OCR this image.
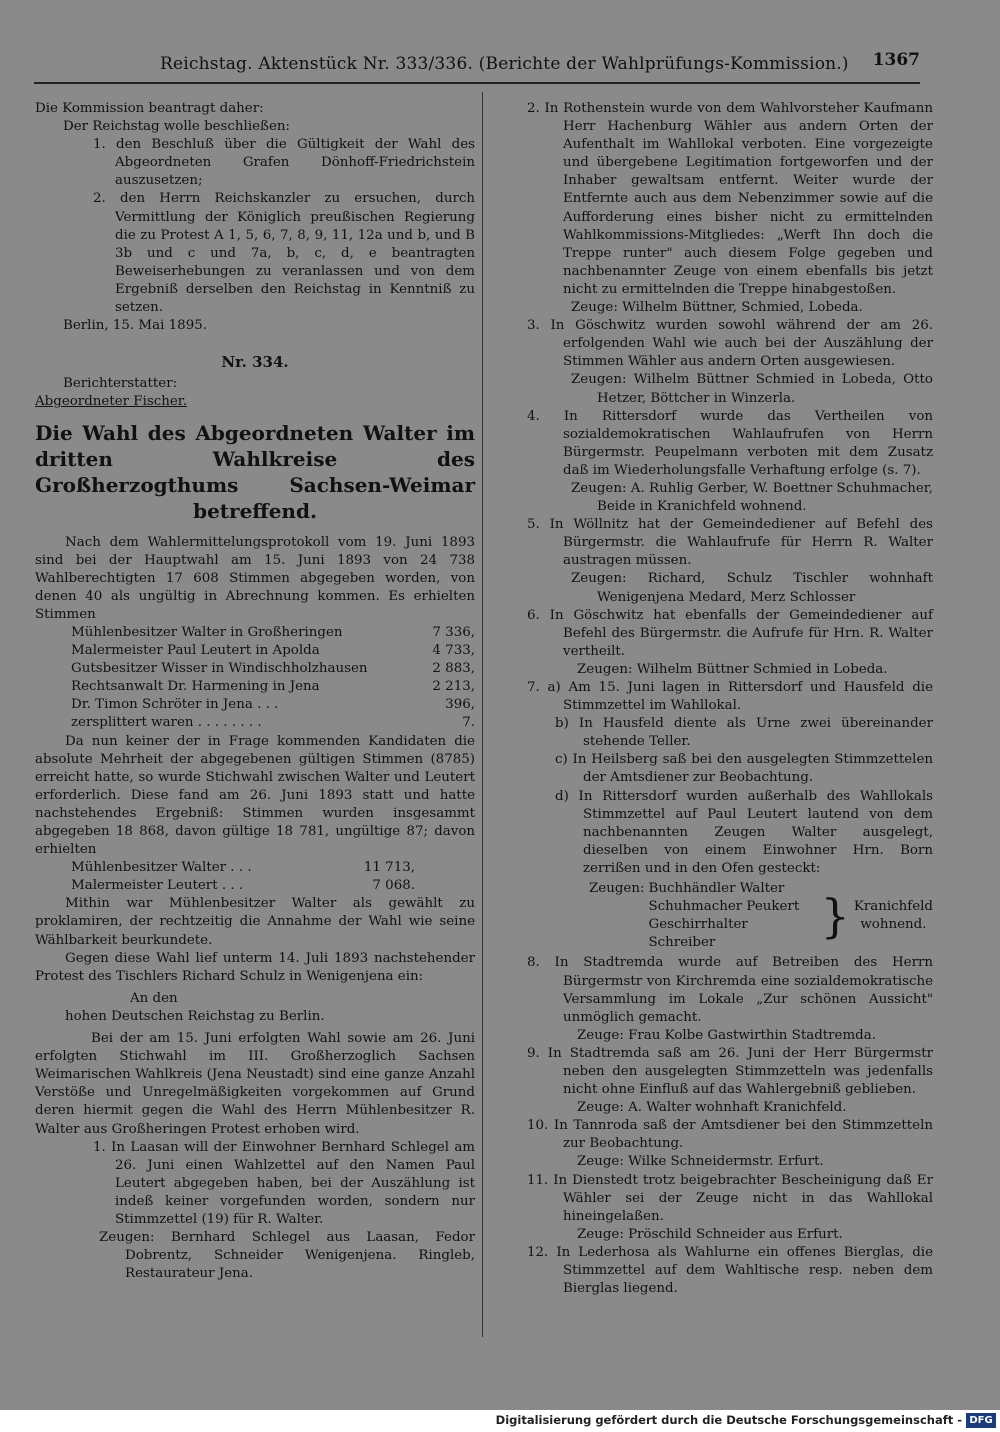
Reichstag. Aktenstück Nr. 333/336. (Berichte der Wahlprüfungs-Kommission.) 1367

Die Kommission beantragt daher:

Der Reichstag wolle beschließen:

1. den Beschluß über die Gültigkeit der Wahl des Abgeordneten Grafen Dönhoff-Friedrichstein auszusetzen;

2. den Herrn Reichskanzler zu ersuchen, durch Vermittlung der Königlich preußischen Regierung die zu Protest A 1, 5, 6, 7, 8, 9, 11, 12a und b, und B 3b und c und 7a, b, c, d, e beantragten Beweiserhebungen zu veranlassen und von dem Ergebniß derselben den Reichstag in Kenntniß zu setzen.

Berlin, 15. Mai 1895.

Nr. 334.

Berichterstatter:

Abgeordneter Fischer.

Die Wahl des Abgeordneten Walter im dritten Wahlkreise des Großherzogthums Sachsen-Weimar betreffend.

Nach dem Wahlermittelungsprotokoll vom 19. Juni 1893 sind bei der Hauptwahl am 15. Juni 1893 von 24 738 Wahlberechtigten 17 608 Stimmen abgegeben worden, von denen 40 als ungültig in Abrechnung kommen. Es erhielten Stimmen

Mühlenbesitzer Walter in Großheringen	7 336,
Malermeister Paul Leutert in Apolda	4 733,
Gutsbesitzer Wisser in Windischholzhausen	2 883,
Rechtsanwalt Dr. Harmening in Jena	2 213,
Dr. Timon Schröter in Jena . . .	396,
zersplittert waren . . . . . . . .	7.

Da nun keiner der in Frage kommenden Kandidaten die absolute Mehrheit der abgegebenen gültigen Stimmen (8785) erreicht hatte, so wurde Stichwahl zwischen Walter und Leutert erforderlich. Diese fand am 26. Juni 1893 statt und hatte nachstehendes Ergebniß: Stimmen wurden insgesammt abgegeben 18 868, davon gültige 18 781, ungültige 87; davon erhielten

Mühlenbesitzer Walter . . .	11 713,
Malermeister Leutert . . .	7 068.

Mithin war Mühlenbesitzer Walter als gewählt zu proklamiren, der rechtzeitig die Annahme der Wahl wie seine Wählbarkeit beurkundete.

Gegen diese Wahl lief unterm 14. Juli 1893 nachstehender Protest des Tischlers Richard Schulz in Wenigenjena ein:

An den

hohen Deutschen Reichstag zu Berlin.

Bei der am 15. Juni erfolgten Wahl sowie am 26. Juni erfolgten Stichwahl im III. Großherzoglich Sachsen Weimarischen Wahlkreis (Jena Neustadt) sind eine ganze Anzahl Verstöße und Unregelmäßigkeiten vorgekommen auf Grund deren hiermit gegen die Wahl des Herrn Mühlenbesitzer R. Walter aus Großheringen Protest erhoben wird.

1. In Laasan will der Einwohner Bernhard Schlegel am 26. Juni einen Wahlzettel auf den Namen Paul Leutert abgegeben haben, bei der Auszählung ist indeß keiner vorgefunden worden, sondern nur Stimmzettel (19) für R. Walter.

Zeugen: Bernhard Schlegel aus Laasan, Fedor Dobrentz, Schneider Wenigenjena. Ringleb, Restaurateur Jena.

2. In Rothenstein wurde von dem Wahlvorsteher Kaufmann Herr Hachenburg Wähler aus andern Orten der Aufenthalt im Wahllokal verboten. Eine vorgezeigte und übergebene Legitimation fortgeworfen und der Inhaber gewaltsam entfernt. Weiter wurde der Entfernte auch aus dem Nebenzimmer sowie auf die Aufforderung eines bisher nicht zu ermittelnden Wahlkommissions-Mitgliedes: „Werft Ihn doch die Treppe runter" auch diesem Folge gegeben und nachbenannter Zeuge von einem ebenfalls bis jetzt nicht zu ermittelnden die Treppe hinabgestoßen.

Zeuge: Wilhelm Büttner, Schmied, Lobeda.

3. In Göschwitz wurden sowohl während der am 26. erfolgenden Wahl wie auch bei der Auszählung der Stimmen Wähler aus andern Orten ausgewiesen.

Zeugen: Wilhelm Büttner Schmied in Lobeda, Otto Hetzer, Böttcher in Winzerla.

4. In Rittersdorf wurde das Vertheilen von sozialdemokratischen Wahlaufrufen von Herrn Bürgermstr. Peupelmann verboten mit dem Zusatz daß im Wiederholungsfalle Verhaftung erfolge (s. 7).

Zeugen: A. Ruhlig Gerber, W. Boettner Schuhmacher, Beide in Kranichfeld wohnend.

5. In Wöllnitz hat der Gemeindediener auf Befehl des Bürgermstr. die Wahlaufrufe für Herrn R. Walter austragen müssen.

Zeugen: Richard, Schulz Tischler wohnhaft Wenigenjena Medard, Merz Schlosser

6. In Göschwitz hat ebenfalls der Gemeindediener auf Befehl des Bürgermstr. die Aufrufe für Hrn. R. Walter vertheilt.

Zeugen: Wilhelm Büttner Schmied in Lobeda.

7. a) Am 15. Juni lagen in Rittersdorf und Hausfeld die Stimmzettel im Wahllokal.

b) In Hausfeld diente als Urne zwei übereinander stehende Teller.

c) In Heilsberg saß bei den ausgelegten Stimmzettelen der Amtsdiener zur Beobachtung.

d) In Rittersdorf wurden außerhalb des Wahllokals Stimmzettel auf Paul Leutert lautend von dem nachbenannten Zeugen Walter ausgelegt, dieselben von einem Einwohner Hrn. Born zerrißen und in den Ofen gesteckt:

Zeugen: Buchhändler Walter
Schuhmacher Peukert
Geschirrhalter Schreiber	} Kranichfeld wohnend.

8. In Stadtremda wurde auf Betreiben des Herrn Bürgermstr von Kirchremda eine sozialdemokratische Versammlung im Lokale „Zur schönen Aussicht" unmöglich gemacht.

Zeuge: Frau Kolbe Gastwirthin Stadtremda.

9. In Stadtremda saß am 26. Juni der Herr Bürgermstr neben den ausgelegten Stimmzetteln was jedenfalls nicht ohne Einfluß auf das Wahlergebniß geblieben.

Zeuge: A. Walter wohnhaft Kranichfeld.

10. In Tannroda saß der Amtsdiener bei den Stimmzetteln zur Beobachtung.

Zeuge: Wilke Schneidermstr. Erfurt.

11. In Dienstedt trotz beigebrachter Bescheinigung daß Er Wähler sei der Zeuge nicht in das Wahllokal hineingelaßen.

Zeuge: Pröschild Schneider aus Erfurt.

12. In Lederhosa als Wahlurne ein offenes Bierglas, die Stimmzettel auf dem Wahltische resp. neben dem Bierglas liegend.

Digitalisierung gefördert durch die Deutsche Forschungsgemeinschaft - DFG
